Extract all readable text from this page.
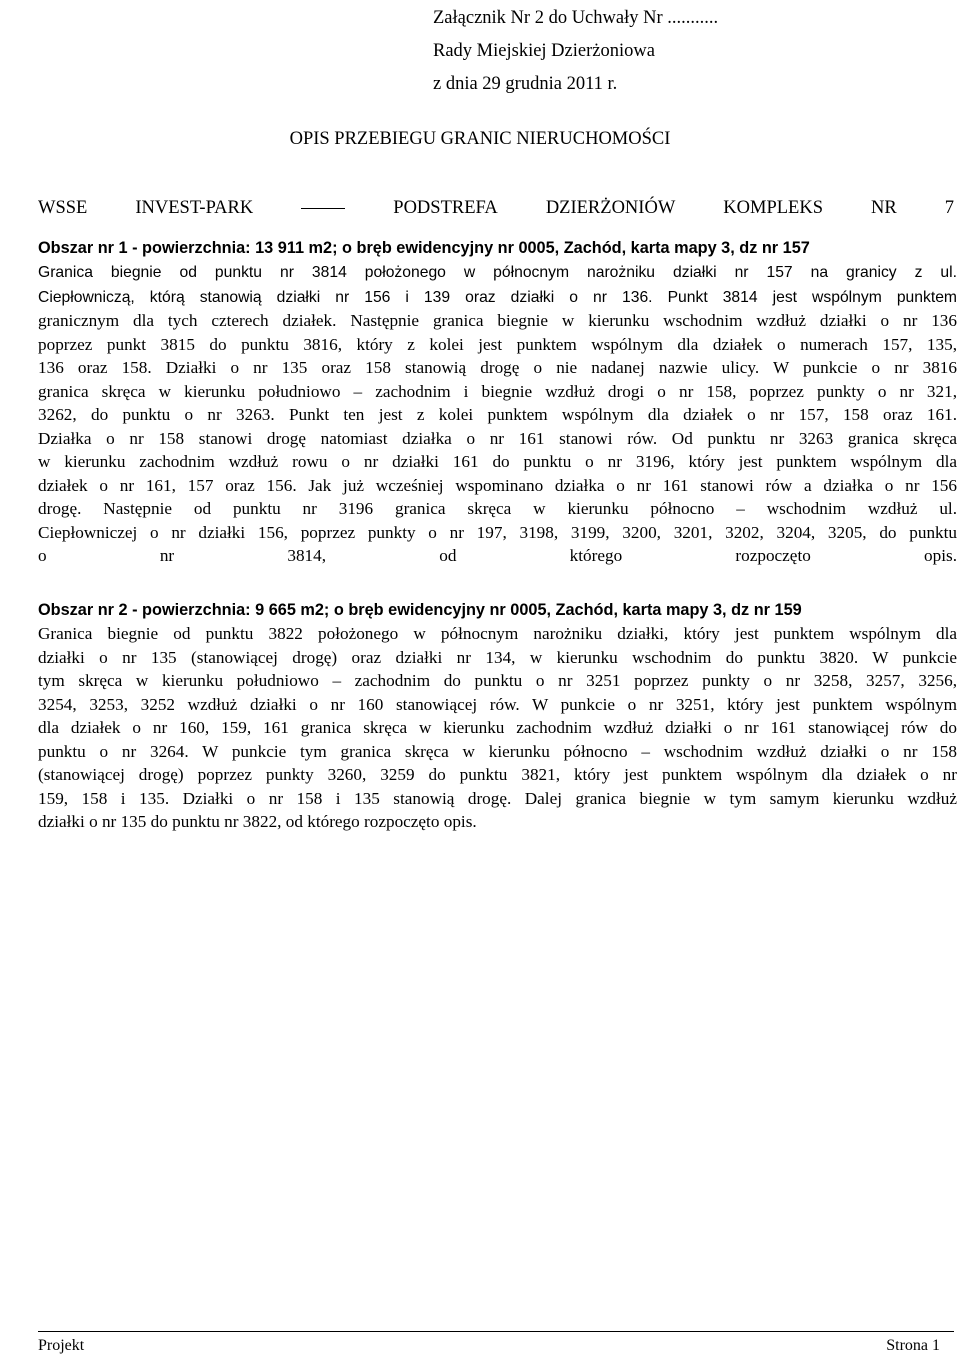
Załącznik Nr 2 do Uchwały Nr ...........
Rady Miejskiej Dzierżoniowa
z dnia 29 grudnia 2011 r.
OPIS PRZEBIEGU GRANIC NIERUCHOMOŚCI
WSSE	INVEST-PARK	PODSTREFA	DZIERŻONIÓW	KOMPLEKS	NR	7
Obszar nr 1 - powierzchnia: 13 911 m2; o bręb ewidencyjny nr 0005, Zachód, karta mapy 3, dz nr 157

Granica biegnie od punktu nr 3814 położonego w północnym narożniku działki nr 157 na granicy z ul.

Ciepłowniczą, którą stanowią działki nr 156 i 139 oraz działki o nr 136. Punkt 3814 jest wspólnym punktem

granicznym dla tych czterech działek. Następnie granica biegnie w kierunku wschodnim wzdłuż działki o nr 136

poprzez punkt 3815 do punktu 3816, który z kolei jest punktem wspólnym dla działek o numerach 157, 135,

136 oraz 158. Działki o nr 135 oraz 158 stanowią drogę o nie nadanej nazwie ulicy. W punkcie o nr 3816

granica skręca w kierunku południowo – zachodnim i biegnie wzdłuż drogi o nr 158, poprzez punkty o nr 321,

3262, do punktu o nr 3263. Punkt ten jest z kolei punktem wspólnym dla działek o nr 157, 158 oraz 161.

Działka o nr 158 stanowi drogę natomiast działka o nr 161 stanowi rów. Od punktu nr 3263 granica skręca

w kierunku zachodnim wzdłuż rowu o nr działki 161 do punktu o nr 3196, który jest punktem wspólnym dla

działek o nr 161, 157 oraz 156. Jak już wcześniej wspominano działka o nr 161 stanowi rów a działka o nr 156

drogę. Następnie od punktu nr 3196 granica skręca w kierunku północno – wschodnim wzdłuż ul.

Ciepłowniczej o nr działki 156, poprzez punkty o nr 197, 3198, 3199, 3200, 3201, 3202, 3204, 3205, do punktu

o nr 3814, od którego rozpoczęto opis.

Obszar nr 2 - powierzchnia: 9 665 m2; o bręb ewidencyjny nr 0005, Zachód, karta mapy 3, dz nr 159

Granica biegnie od punktu 3822 położonego w północnym narożniku działki, który jest punktem wspólnym dla

działki o nr 135 (stanowiącej drogę) oraz działki nr 134, w kierunku wschodnim do punktu 3820. W punkcie

tym skręca w kierunku południowo – zachodnim do punktu o nr 3251 poprzez punkty o nr 3258, 3257, 3256,

3254, 3253, 3252 wzdłuż działki o nr 160 stanowiącej rów. W punkcie o nr 3251, który jest punktem wspólnym

dla działek o nr 160, 159, 161 granica skręca w kierunku zachodnim wzdłuż działki o nr 161 stanowiącej rów do

punktu o nr 3264. W punkcie tym granica skręca w kierunku północno – wschodnim wzdłuż działki o nr 158

(stanowiącej drogę) poprzez punkty 3260, 3259 do punktu 3821, który jest punktem wspólnym dla działek o nr

159, 158 i 135. Działki o nr 158 i 135 stanowią drogę. Dalej granica biegnie w tym samym kierunku wzdłuż

działki o nr 135 do punktu nr 3822, od którego rozpoczęto opis.

Projekt	Strona 1
